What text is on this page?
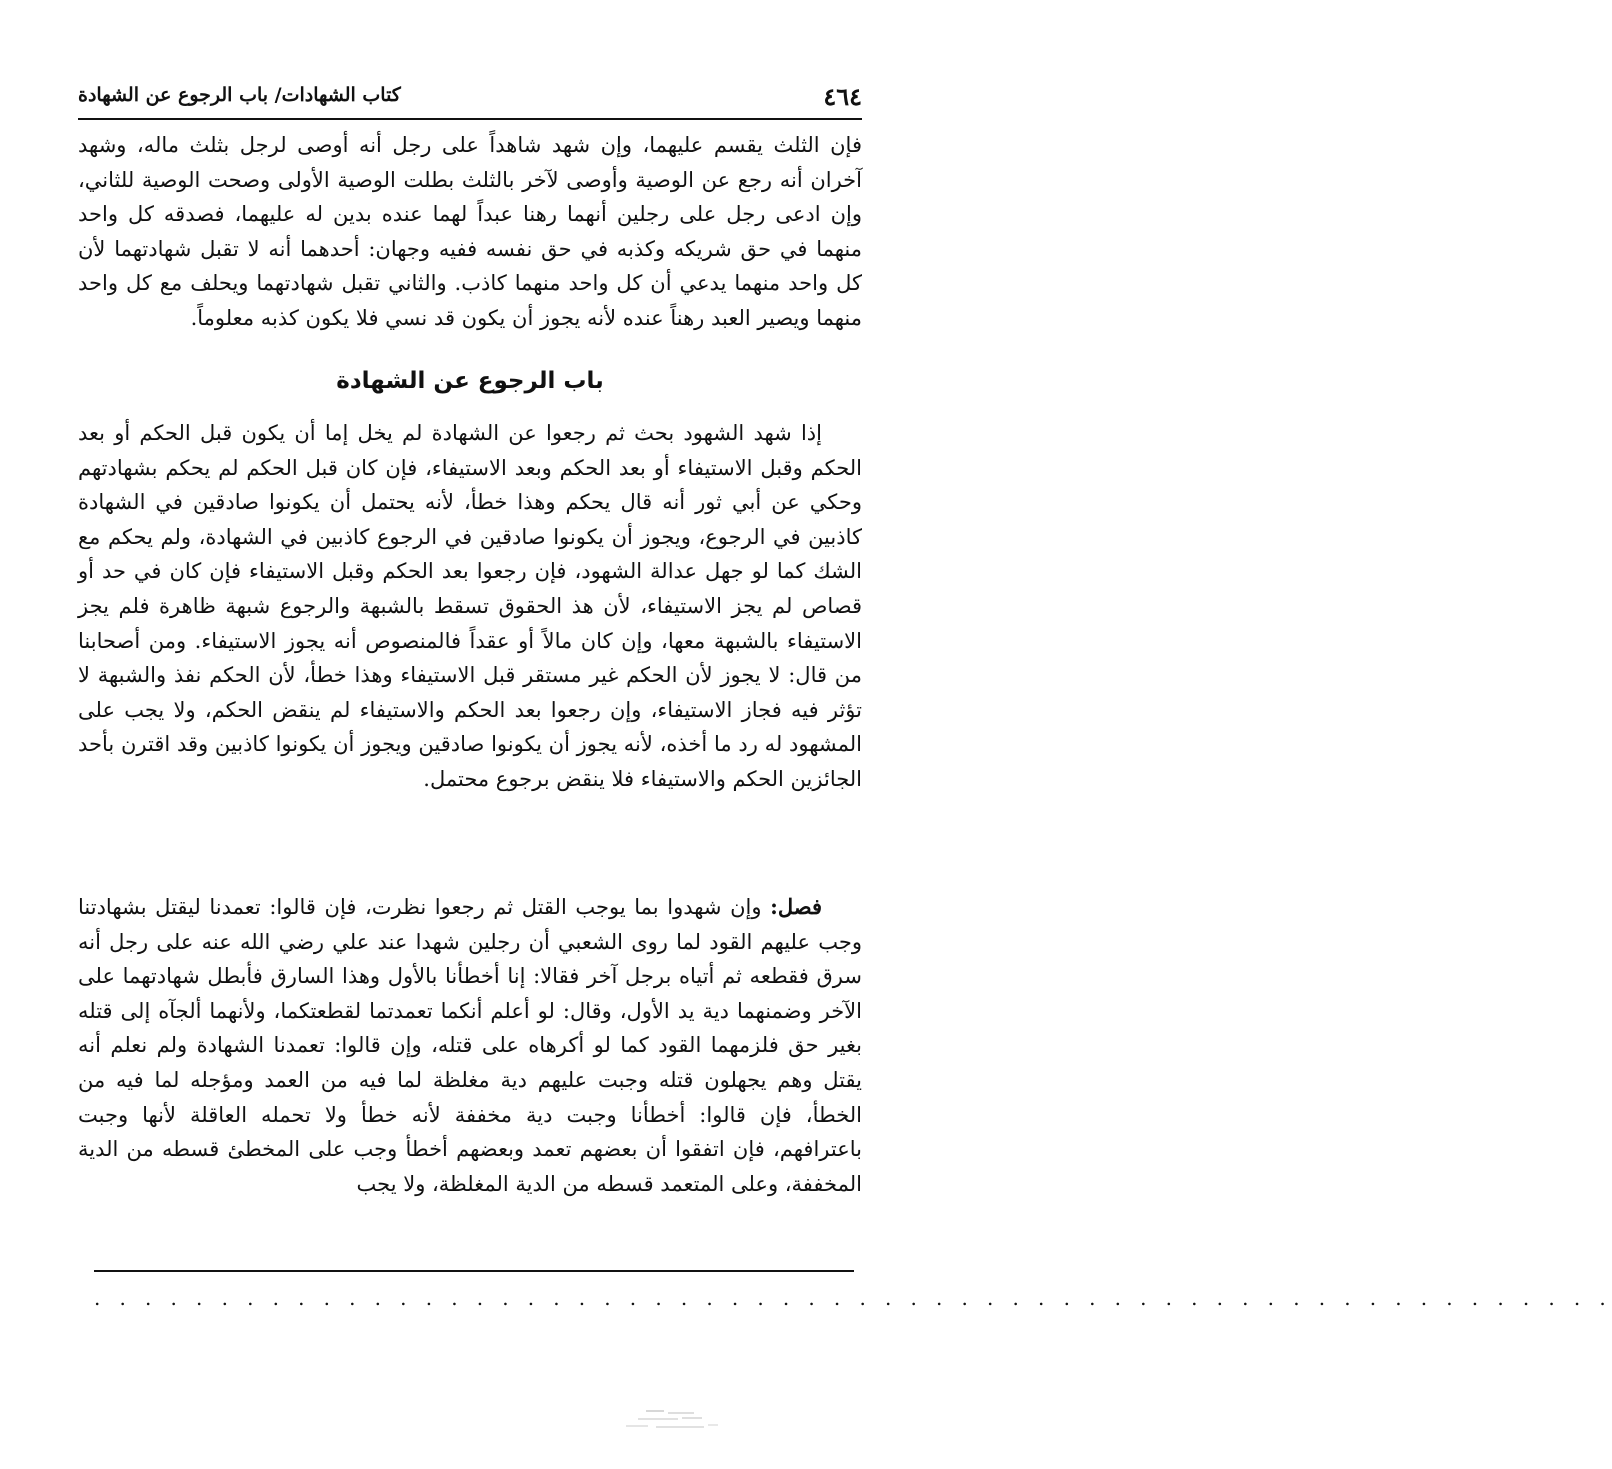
٤٦٤
كتاب الشهادات/ باب الرجوع عن الشهادة

فإن الثلث يقسم عليهما، وإن شهد شاهداً على رجل أنه أوصى لرجل بثلث ماله، وشهد آخران أنه رجع عن الوصية وأوصى لآخر بالثلث بطلت الوصية الأولى وصحت الوصية للثاني، وإن ادعى رجل على رجلين أنهما رهنا عبداً لهما عنده بدين له عليهما، فصدقه كل واحد منهما في حق شريكه وكذبه في حق نفسه ففيه وجهان: أحدهما أنه لا تقبل شهادتهما لأن كل واحد منهما يدعي أن كل واحد منهما كاذب. والثاني تقبل شهادتهما ويحلف مع كل واحد منهما ويصير العبد رهناً عنده لأنه يجوز أن يكون قد نسي فلا يكون كذبه معلوماً.

باب الرجوع عن الشهادة

إذا شهد الشهود بحث ثم رجعوا عن الشهادة لم يخل إما أن يكون قبل الحكم أو بعد الحكم وقبل الاستيفاء أو بعد الحكم وبعد الاستيفاء، فإن كان قبل الحكم لم يحكم بشهادتهم وحكي عن أبي ثور أنه قال يحكم وهذا خطأ، لأنه يحتمل أن يكونوا صادقين في الشهادة كاذبين في الرجوع، ويجوز أن يكونوا صادقين في الرجوع كاذبين في الشهادة، ولم يحكم مع الشك كما لو جهل عدالة الشهود، فإن رجعوا بعد الحكم وقبل الاستيفاء فإن كان في حد أو قصاص لم يجز الاستيفاء، لأن هذ الحقوق تسقط بالشبهة والرجوع شبهة ظاهرة فلم يجز الاستيفاء بالشبهة معها، وإن كان مالاً أو عقداً فالمنصوص أنه يجوز الاستيفاء. ومن أصحابنا من قال: لا يجوز لأن الحكم غير مستقر قبل الاستيفاء وهذا خطأ، لأن الحكم نفذ والشبهة لا تؤثر فيه فجاز الاستيفاء، وإن رجعوا بعد الحكم والاستيفاء لم ينقض الحكم، ولا يجب على المشهود له رد ما أخذه، لأنه يجوز أن يكونوا صادقين ويجوز أن يكونوا كاذبين وقد اقترن بأحد الجائزين الحكم والاستيفاء فلا ينقض برجوع محتمل.

فصل: وإن شهدوا بما يوجب القتل ثم رجعوا نظرت، فإن قالوا: تعمدنا ليقتل بشهادتنا وجب عليهم القود لما روى الشعبي أن رجلين شهدا عند علي رضي الله عنه على رجل أنه سرق فقطعه ثم أتياه برجل آخر فقالا: إنا أخطأنا بالأول وهذا السارق فأبطل شهادتهما على الآخر وضمنهما دية يد الأول، وقال: لو أعلم أنكما تعمدتما لقطعتكما، ولأنهما ألجآه إلى قتله بغير حق فلزمهما القود كما لو أكرهاه على قتله، وإن قالوا: تعمدنا الشهادة ولم نعلم أنه يقتل وهم يجهلون قتله وجبت عليهم دية مغلظة لما فيه من العمد ومؤجله لما فيه من الخطأ، فإن قالوا: أخطأنا وجبت دية مخففة لأنه خطأ ولا تحمله العاقلة لأنها وجبت باعترافهم، فإن اتفقوا أن بعضهم تعمد وبعضهم أخطأ وجب على المخطئ قسطه من الدية المخففة، وعلى المتعمد قسطه من الدية المغلظة، ولا يجب

. . . . . . . . . . . . . . . . . . . . . . . . . . . . . . . . . . . . . . . . . . . . . . . . . . . . . . . . . . . .
